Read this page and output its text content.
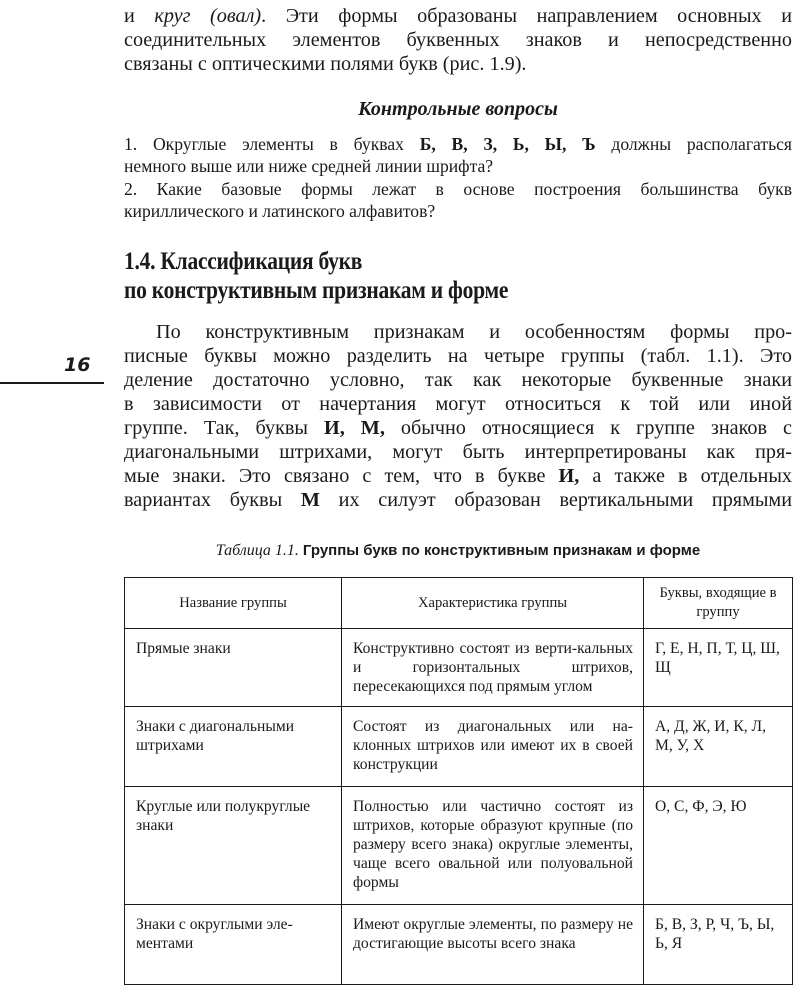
и круг (овал). Эти формы образованы направлением основных и
соединительных элементов буквенных знаков и непосредственно
связаны с оптическими полями букв (рис. 1.9).
Контрольные вопросы
1. Округлые элементы в буквах Б, В, З, Ь, Ы, Ъ должны располагаться
немного выше или ниже средней линии шрифта?
2. Какие базовые формы лежат в основе построения большинства букв
кириллического и латинского алфавитов?
1.4. Классификация букв
по конструктивным признакам и форме
16
По конструктивным признакам и особенностям формы про-
писные буквы можно разделить на четыре группы (табл. 1.1). Это
деление достаточно условно, так как некоторые буквенные знаки
в зависимости от начертания могут относиться к той или иной
группе. Так, буквы И, М, обычно относящиеся к группе знаков с
диагональными штрихами, могут быть интерпретированы как пря-
мые знаки. Это связано с тем, что в букве И, а также в отдельных
вариантах буквы М их силуэт образован вертикальными прямыми
Таблица 1.1. Группы букв по конструктивным признакам и форме
Название группы	Характеристика группы	Буквы, входящие в группу
Прямые знаки	Конструктивно состоят из верти-кальных и горизонтальных штрихов, пересекающихся под прямым углом	Г, Е, Н, П, Т, Ц, Ш, Щ
Знаки с диагональными штрихами	Состоят из диагональных или на-клонных штрихов или имеют их в своей конструкции	А, Д, Ж, И, К, Л, М, У, Х
Круглые или полукруглые знаки	Полностью или частично состоят из штрихов, которые образуют крупные (по размеру всего знака) округлые элементы, чаще всего овальной или полуовальной формы	О, С, Ф, Э, Ю
Знаки с округлыми эле-ментами	Имеют округлые элементы, по размеру не достигающие высоты всего знака	Б, В, З, Р, Ч, Ъ, Ы, Ь, Я
